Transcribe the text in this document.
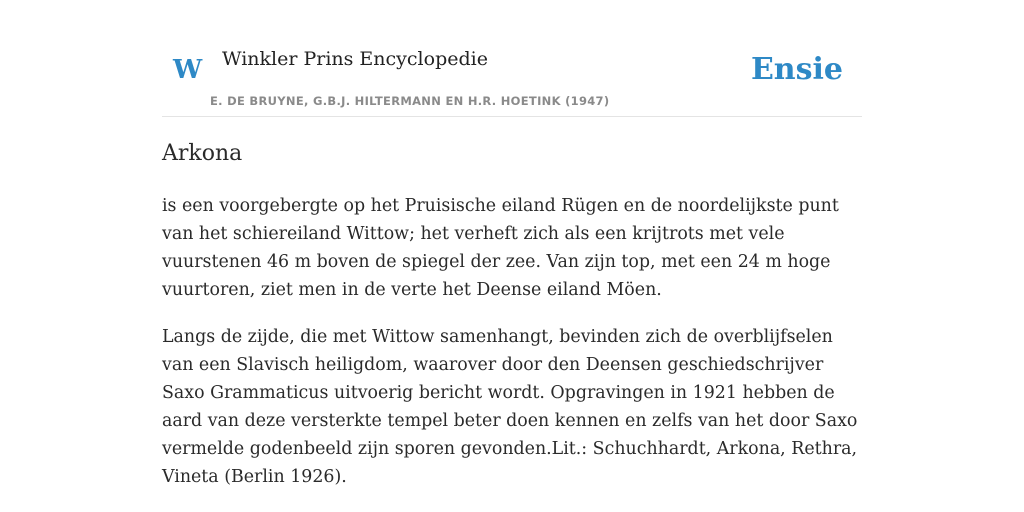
W Winkler Prins Encyclopedie
E. DE BRUYNE, G.B.J. HILTERMANN EN H.R. HOETINK (1947)
Ensie
Arkona

is een voorgebergte op het Pruisische eiland Rügen en de noordelijkste punt van het schiereiland Wittow; het verheft zich als een krijtrots met vele vuurstenen 46 m boven de spiegel der zee. Van zijn top, met een 24 m hoge vuurtoren, ziet men in de verte het Deense eiland Möen.

Langs de zijde, die met Wittow samenhangt, bevinden zich de overblijfselen van een Slavisch heiligdom, waarover door den Deensen geschiedschrijver Saxo Grammaticus uitvoerig bericht wordt. Opgravingen in 1921 hebben de aard van deze versterkte tempel beter doen kennen en zelfs van het door Saxo vermelde godenbeeld zijn sporen gevonden.Lit.: Schuchhardt, Arkona, Rethra, Vineta (Berlin 1926).
